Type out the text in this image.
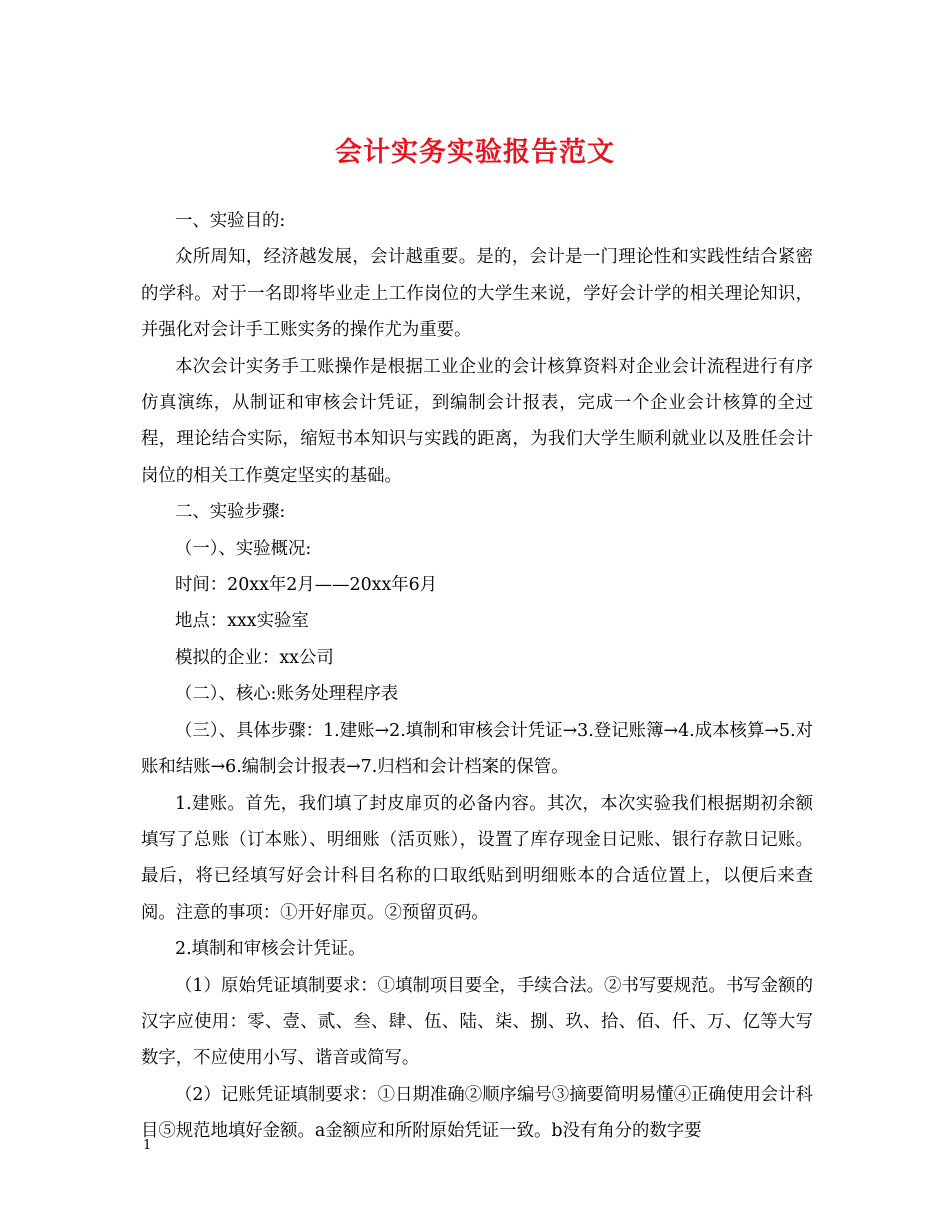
会计实务实验报告范文

一、实验目的:

众所周知，经济越发展，会计越重要。是的，会计是一门理论性和实践性结合紧密的学科。对于一名即将毕业走上工作岗位的大学生来说，学好会计学的相关理论知识，并强化对会计手工账实务的操作尤为重要。

本次会计实务手工账操作是根据工业企业的会计核算资料对企业会计流程进行有序仿真演练，从制证和审核会计凭证，到编制会计报表，完成一个企业会计核算的全过程，理论结合实际，缩短书本知识与实践的距离，为我们大学生顺利就业以及胜任会计岗位的相关工作奠定坚实的基础。

二、实验步骤:

（一）、实验概况:

时间：20xx年2月——20xx年6月

地点：xxx实验室

模拟的企业：xx公司

（二）、核心:账务处理程序表

（三）、具体步骤：1.建账→2.填制和审核会计凭证→3.登记账簿→4.成本核算→5.对账和结账→6.编制会计报表→7.归档和会计档案的保管。

1.建账。首先，我们填了封皮扉页的必备内容。其次，本次实验我们根据期初余额填写了总账（订本账）、明细账（活页账），设置了库存现金日记账、银行存款日记账。最后，将已经填写好会计科目名称的口取纸贴到明细账本的合适位置上，以便后来查阅。注意的事项：①开好扉页。②预留页码。

2.填制和审核会计凭证。

（1）原始凭证填制要求：①填制项目要全，手续合法。②书写要规范。书写金额的汉字应使用：零、壹、贰、叁、肆、伍、陆、柒、捌、玖、拾、佰、仟、万、亿等大写数字，不应使用小写、谐音或简写。

（2）记账凭证填制要求：①日期准确②顺序编号③摘要简明易懂④正确使用会计科目⑤规范地填好金额。a金额应和所附原始凭证一致。b没有角分的数字要

1
